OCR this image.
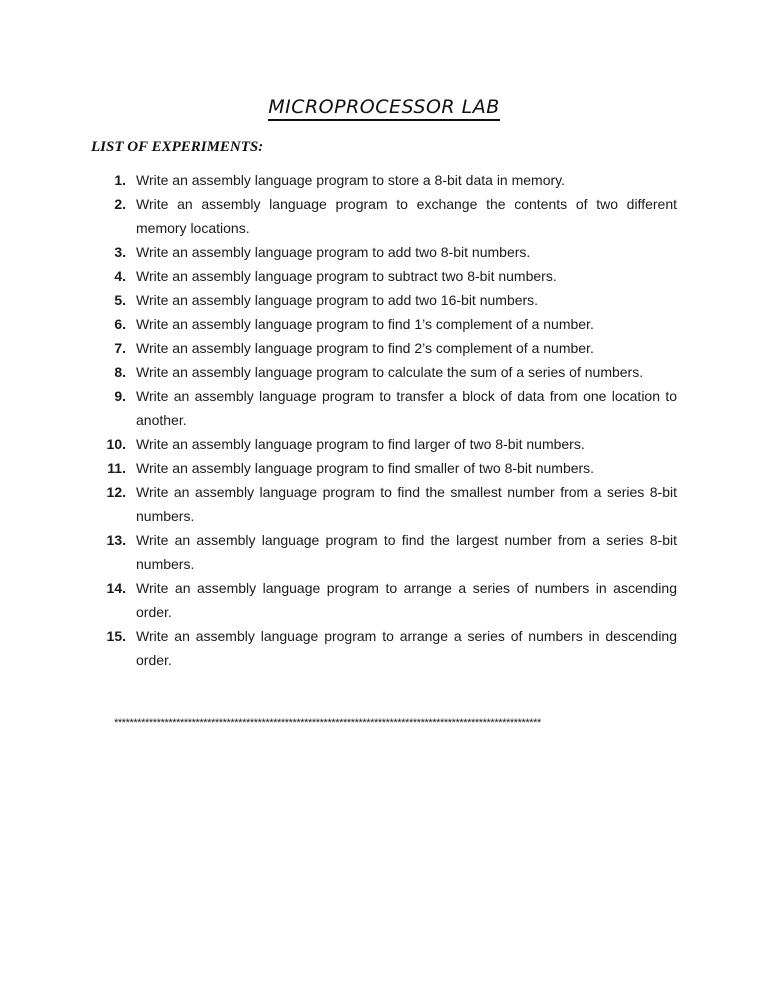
MICROPROCESSOR LAB
LIST OF EXPERIMENTS:
1. Write an assembly language program to store a 8-bit data in memory.
2. Write an assembly language program to exchange the contents of two different memory locations.
3. Write an assembly language program to add two 8-bit numbers.
4. Write an assembly language program to subtract two 8-bit numbers.
5. Write an assembly language program to add two 16-bit numbers.
6. Write an assembly language program to find 1’s complement of a number.
7. Write an assembly language program to find 2’s complement of a number.
8. Write an assembly language program to calculate the sum of a series of numbers.
9. Write an assembly language program to transfer a block of data from one location to another.
10. Write an assembly language program to find larger of two 8-bit numbers.
11. Write an assembly language program to find smaller of two 8-bit numbers.
12. Write an assembly language program to find the smallest number from a series 8-bit numbers.
13. Write an assembly language program to find the largest number from a series 8-bit numbers.
14. Write an assembly language program to arrange a series of numbers in ascending order.
15. Write an assembly language program to arrange a series of numbers in descending order.
**************************************************************************************************************
